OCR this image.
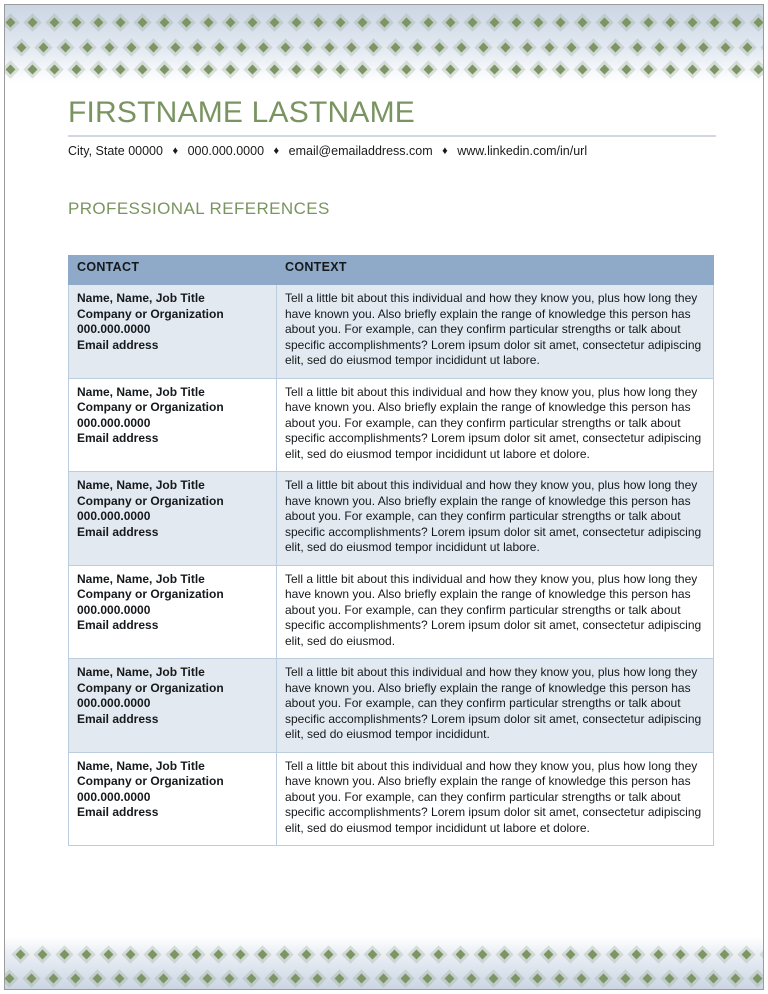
FIRSTNAME LASTNAME
City, State 00000 ♦ 000.000.0000 ♦ email@emailaddress.com ♦ www.linkedin.com/in/url
PROFESSIONAL REFERENCES
CONTACT	CONTEXT

Name, Name, Job Title
Company or Organization
000.000.0000
Email address
	Tell a little bit about this individual and how they know you, plus how long they have known you. Also briefly explain the range of knowledge this person has about you. For example, can they confirm particular strengths or talk about specific accomplishments? Lorem ipsum dolor sit amet, consectetur adipiscing elit, sed do eiusmod tempor incididunt ut labore.

Name, Name, Job Title
Company or Organization
000.000.0000
Email address
	Tell a little bit about this individual and how they know you, plus how long they have known you. Also briefly explain the range of knowledge this person has about you. For example, can they confirm particular strengths or talk about specific accomplishments? Lorem ipsum dolor sit amet, consectetur adipiscing elit, sed do eiusmod tempor incididunt ut labore et dolore.

Name, Name, Job Title
Company or Organization
000.000.0000
Email address
	Tell a little bit about this individual and how they know you, plus how long they have known you. Also briefly explain the range of knowledge this person has about you. For example, can they confirm particular strengths or talk about specific accomplishments? Lorem ipsum dolor sit amet, consectetur adipiscing elit, sed do eiusmod tempor incididunt ut labore.

Name, Name, Job Title
Company or Organization
000.000.0000
Email address
	Tell a little bit about this individual and how they know you, plus how long they have known you. Also briefly explain the range of knowledge this person has about you. For example, can they confirm particular strengths or talk about specific accomplishments? Lorem ipsum dolor sit amet, consectetur adipiscing elit, sed do eiusmod.

Name, Name, Job Title
Company or Organization
000.000.0000
Email address
	Tell a little bit about this individual and how they know you, plus how long they have known you. Also briefly explain the range of knowledge this person has about you. For example, can they confirm particular strengths or talk about specific accomplishments? Lorem ipsum dolor sit amet, consectetur adipiscing elit, sed do eiusmod tempor incididunt.

Name, Name, Job Title
Company or Organization
000.000.0000
Email address
	Tell a little bit about this individual and how they know you, plus how long they have known you. Also briefly explain the range of knowledge this person has about you. For example, can they confirm particular strengths or talk about specific accomplishments? Lorem ipsum dolor sit amet, consectetur adipiscing elit, sed do eiusmod tempor incididunt ut labore et dolore.
